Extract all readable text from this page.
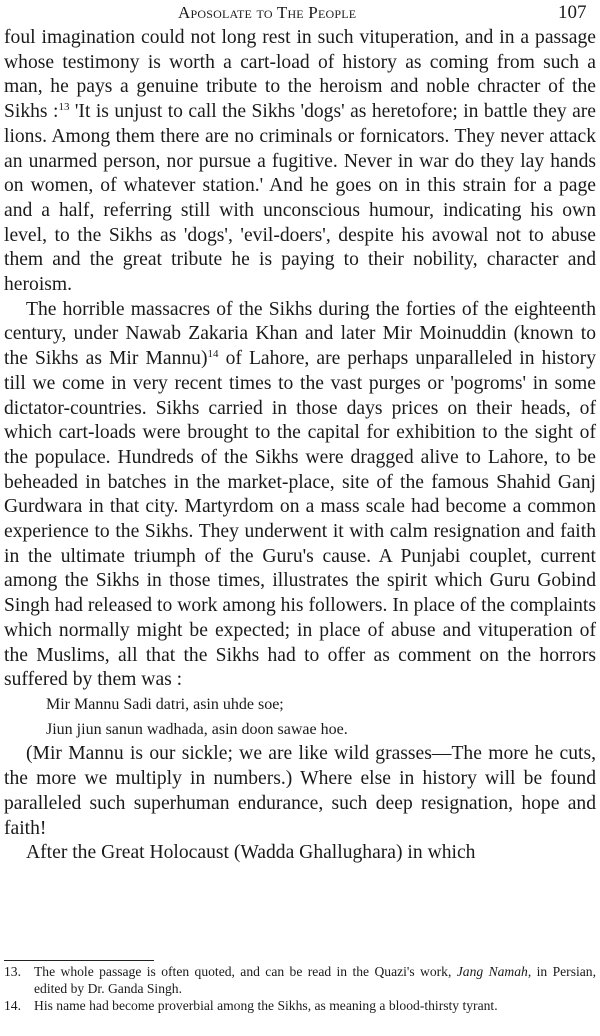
Aposolate to The People	107

foul imagination could not long rest in such vituperation, and in a passage whose testimony is worth a cart-load of history as coming from such a man, he pays a genuine tribute to the heroism and noble chracter of the Sikhs :$^{13}$ 'It is unjust to call the Sikhs 'dogs' as heretofore; in battle they are lions. Among them there are no criminals or fornicators. They never attack an unarmed person, nor pursue a fugitive. Never in war do they lay hands on women, of whatever station.' And he goes on in this strain for a page and a half, referring still with unconscious humour, indicating his own level, to the Sikhs as 'dogs', 'evil-doers', despite his avowal not to abuse them and the great tribute he is paying to their nobility, character and heroism.

The horrible massacres of the Sikhs during the forties of the eighteenth century, under Nawab Zakaria Khan and later Mir Moinuddin (known to the Sikhs as Mir Mannu)$^{14}$ of Lahore, are perhaps unparalleled in history till we come in very recent times to the vast purges or 'pogroms' in some dictator-countries. Sikhs carried in those days prices on their heads, of which cart-loads were brought to the capital for exhibition to the sight of the populace. Hundreds of the Sikhs were dragged alive to Lahore, to be beheaded in batches in the market-place, site of the famous Shahid Ganj Gurdwara in that city. Martyrdom on a mass scale had become a common experience to the Sikhs. They underwent it with calm resignation and faith in the ultimate triumph of the Guru's cause. A Punjabi couplet, current among the Sikhs in those times, illustrates the spirit which Guru Gobind Singh had released to work among his followers. In place of the complaints which normally might be expected; in place of abuse and vituperation of the Muslims, all that the Sikhs had to offer as comment on the horrors suffered by them was :

Mir Mannu Sadi datri, asin uhde soe;
Jiun jiun sanun wadhada, asin doon sawae hoe.

(Mir Mannu is our sickle; we are like wild grasses—The more he cuts, the more we multiply in numbers.) Where else in history will be found paralleled such superhuman endurance, such deep resignation, hope and faith!

After the Great Holocaust (Wadda Ghallughara) in which

13. The whole passage is often quoted, and can be read in the Quazi's work, Jang Namah, in Persian, edited by Dr. Ganda Singh.
14. His name had become proverbial among the Sikhs, as meaning a blood-thirsty tyrant.
